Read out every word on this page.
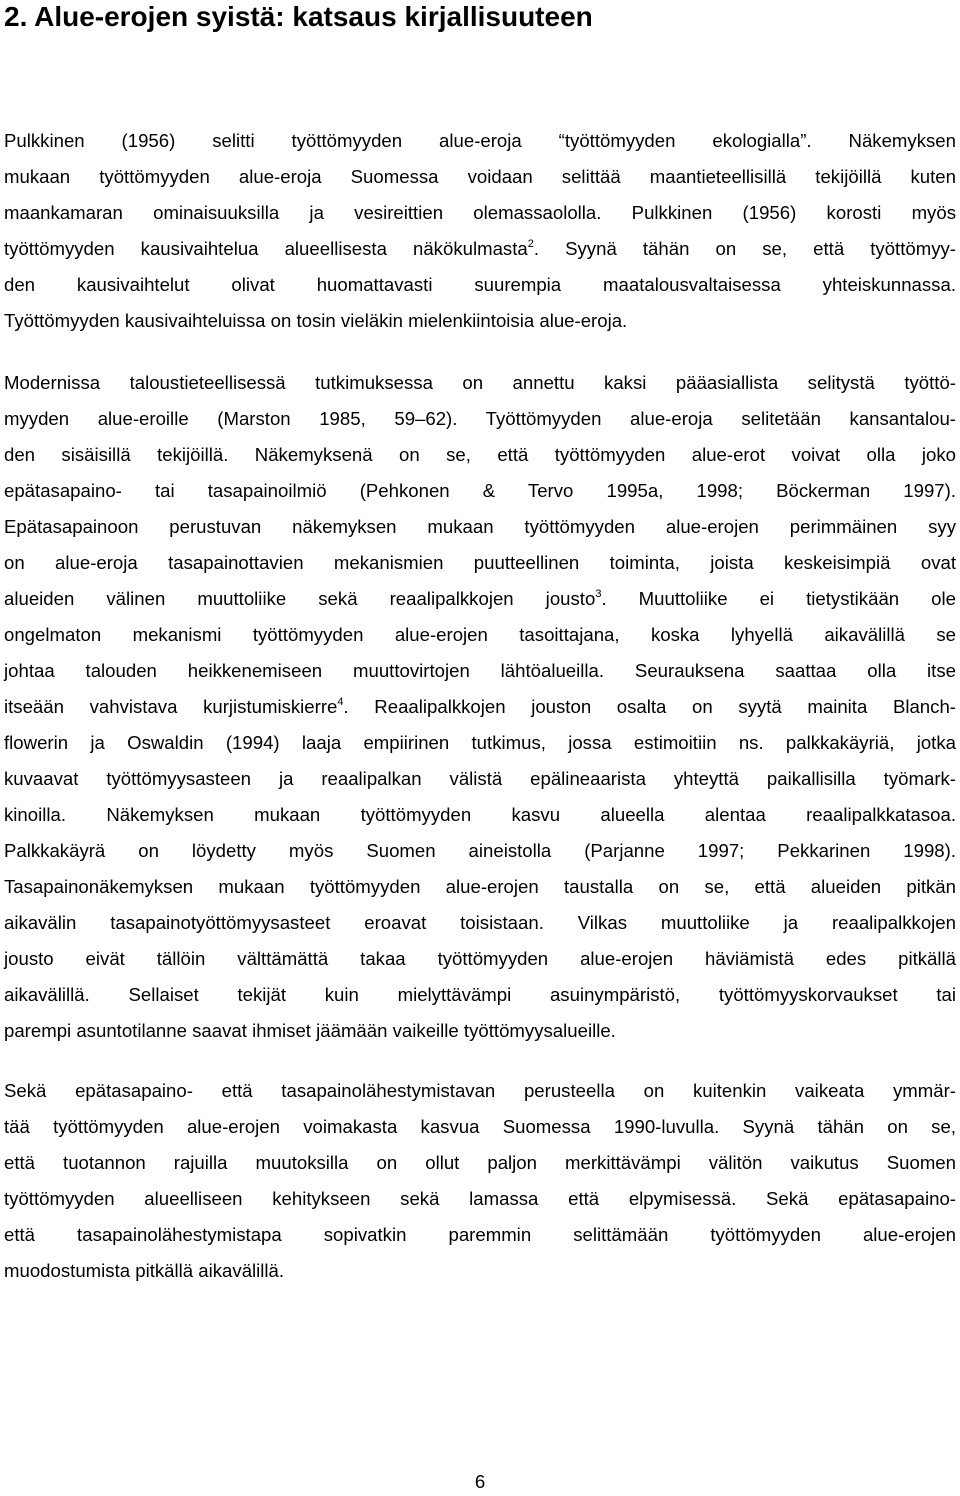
2. Alue-erojen syistä: katsaus kirjallisuuteen
Pulkkinen (1956) selitti työttömyyden alue-eroja “työttömyyden ekologialla”. Näkemyksen
mukaan työttömyyden alue-eroja Suomessa voidaan selittää maantieteellisillä tekijöillä kuten
maankamaran ominaisuuksilla ja vesireittien olemassaololla. Pulkkinen (1956) korosti myös
työttömyyden kausivaihtelua alueellisesta näkökulmasta$^2$. Syynä tähän on se, että työttömyy-
den kausivaihtelut olivat huomattavasti suurempia maatalousvaltaisessa yhteiskunnassa.
Työttömyyden kausivaihteluissa on tosin vieläkin mielenkiintoisia alue-eroja.
Modernissa taloustieteellisessä tutkimuksessa on annettu kaksi pääasiallista selitystä työttö-
myyden alue-eroille (Marston 1985, 59–62). Työttömyyden alue-eroja selitetään kansantalou-
den sisäisillä tekijöillä. Näkemyksenä on se, että työttömyyden alue-erot voivat olla joko
epätasapaino- tai tasapainoilmiö (Pehkonen & Tervo 1995a, 1998; Böckerman 1997).
Epätasapainoon perustuvan näkemyksen mukaan työttömyyden alue-erojen perimmäinen syy
on alue-eroja tasapainottavien mekanismien puutteellinen toiminta, joista keskeisimpiä ovat
alueiden välinen muuttoliike sekä reaalipalkkojen jousto$^3$. Muuttoliike ei tietystikään ole
ongelmaton mekanismi työttömyyden alue-erojen tasoittajana, koska lyhyellä aikavälillä se
johtaa talouden heikkenemiseen muuttovirtojen lähtöalueilla. Seurauksena saattaa olla itse
itseään vahvistava kurjistumiskierre$^4$. Reaalipalkkojen jouston osalta on syytä mainita Blanch-
flowerin ja Oswaldin (1994) laaja empiirinen tutkimus, jossa estimoitiin ns. palkkakäyriä, jotka
kuvaavat työttömyysasteen ja reaalipalkan välistä epälineaarista yhteyttä paikallisilla työmark-
kinoilla. Näkemyksen mukaan työttömyyden kasvu alueella alentaa reaalipalkkatasoa.
Palkkakäyrä on löydetty myös Suomen aineistolla (Parjanne 1997; Pekkarinen 1998).
Tasapainonäkemyksen mukaan työttömyyden alue-erojen taustalla on se, että alueiden pitkän
aikavälin tasapainotyöttömyysasteet eroavat toisistaan. Vilkas muuttoliike ja reaalipalkkojen
jousto eivät tällöin välttämättä takaa työttömyyden alue-erojen häviämistä edes pitkällä
aikavälillä. Sellaiset tekijät kuin mielyttävämpi asuinympäristö, työttömyyskorvaukset tai
parempi asuntotilanne saavat ihmiset jäämään vaikeille työttömyysalueille.
Sekä epätasapaino- että tasapainolähestymistavan perusteella on kuitenkin vaikeata ymmär-
tää työttömyyden alue-erojen voimakasta kasvua Suomessa 1990-luvulla. Syynä tähän on se,
että tuotannon rajuilla muutoksilla on ollut paljon merkittävämpi välitön vaikutus Suomen
työttömyyden alueelliseen kehitykseen sekä lamassa että elpymisessä. Sekä epätasapaino-
että tasapainolähestymistapa sopivatkin paremmin selittämään työttömyyden alue-erojen
muodostumista pitkällä aikavälillä.
6
